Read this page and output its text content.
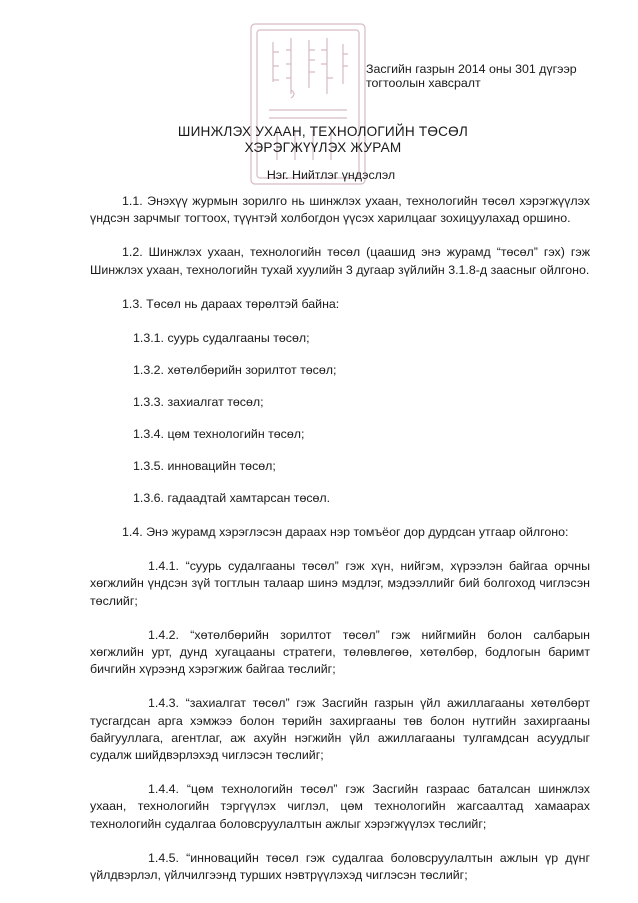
Засгийн газрын 2014 оны 301 дүгээр
тогтоолын хавсралт
ШИНЖЛЭХ УХААН, ТЕХНОЛОГИЙН ТӨСӨЛ
ХЭРЭГЖҮҮЛЭХ ЖУРАМ
Нэг. Нийтлэг үндэслэл

1.1. Энэхүү журмын зорилго нь шинжлэх ухаан, технологийн төсөл хэрэгжүүлэх үндсэн зарчмыг тогтоох, түүнтэй холбогдон үүсэх харилцааг зохицуулахад оршино.

1.2. Шинжлэх ухаан, технологийн төсөл (цаашид энэ журамд “төсөл” гэх) гэж Шинжлэх ухаан, технологийн тухай хуулийн 3 дугаар зүйлийн 3.1.8-д заасныг ойлгоно.

1.3. Төсөл нь дараах төрөлтэй байна:

1.3.1. суурь судалгааны төсөл;

1.3.2. хөтөлбөрийн зорилтот төсөл;

1.3.3. захиалгат төсөл;

1.3.4. цөм технологийн төсөл;

1.3.5. инновацийн төсөл;

1.3.6. гадаадтай хамтарсан төсөл.

1.4. Энэ журамд хэрэглэсэн дараах нэр томъёог дор дурдсан утгаар ойлгоно:

1.4.1. “суурь судалгааны төсөл” гэж хүн, нийгэм, хүрээлэн байгаа орчны хөгжлийн үндсэн зүй тогтлын талаар шинэ мэдлэг, мэдээллийг бий болгоход чиглэсэн төслийг;

1.4.2. “хөтөлбөрийн зорилтот төсөл” гэж нийгмийн болон салбарын хөгжлийн урт, дунд хугацааны стратеги, төлөвлөгөө, хөтөлбөр, бодлогын баримт бичгийн хүрээнд хэрэгжиж байгаа төслийг;

1.4.3. “захиалгат төсөл” гэж Засгийн газрын үйл ажиллагааны хөтөлбөрт тусгагдсан арга хэмжээ болон төрийн захиргааны төв болон нутгийн захиргааны байгууллага, агентлаг, аж ахуйн нэгжийн үйл ажиллагааны тулгамдсан асуудлыг судалж шийдвэрлэхэд чиглэсэн төслийг;

1.4.4. “цөм технологийн төсөл” гэж Засгийн газраас баталсан шинжлэх ухаан, технологийн тэргүүлэх чиглэл, цөм технологийн жагсаалтад хамаарах технологийн судалгаа боловсруулалтын ажлыг хэрэгжүүлэх төслийг;

1.4.5. “инновацийн төсөл гэж судалгаа боловсруулалтын ажлын үр дүнг үйлдвэрлэл, үйлчилгээнд турших нэвтрүүлэхэд чиглэсэн төслийг;
